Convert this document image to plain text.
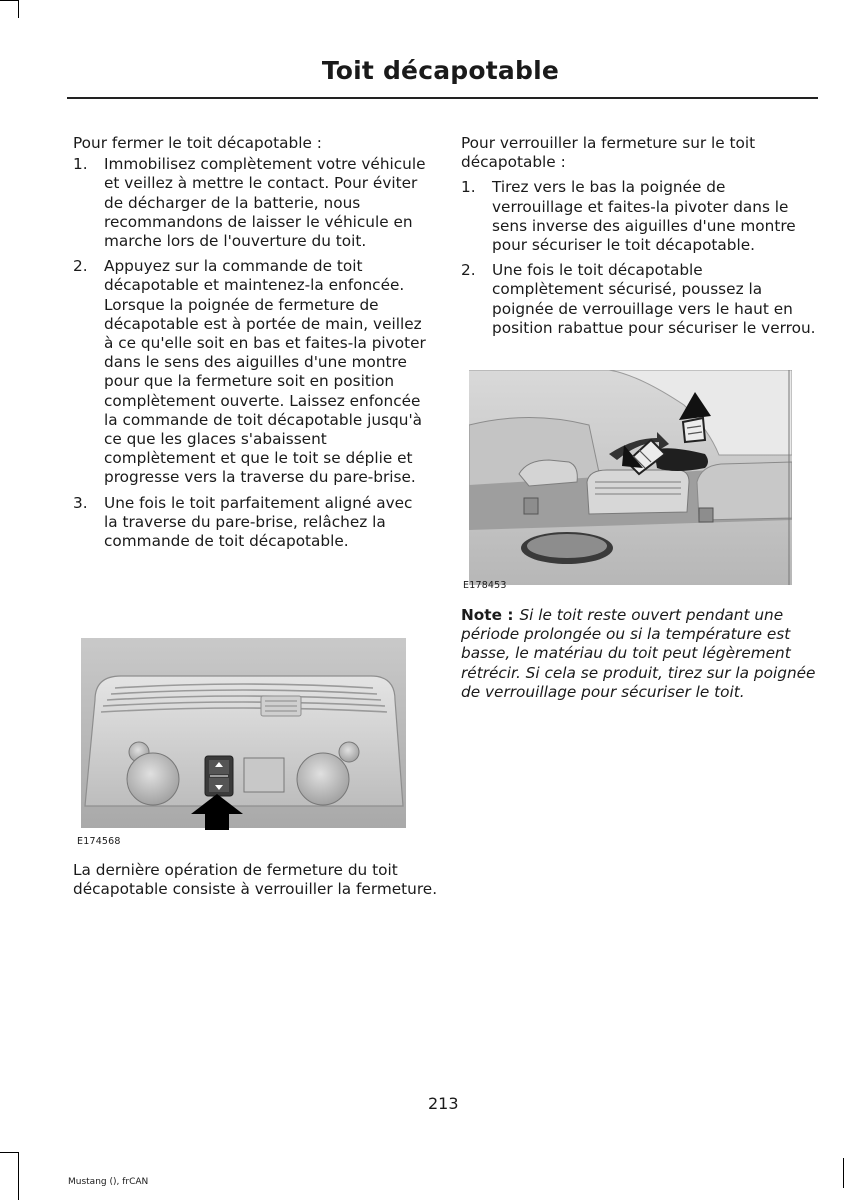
Toit décapotable

Pour fermer le toit décapotable :

1. Immobilisez complètement votre véhicule et veillez à mettre le contact. Pour éviter de décharger de la batterie, nous recommandons de laisser le véhicule en marche lors de l'ouverture du toit.
2. Appuyez sur la commande de toit décapotable et maintenez-la enfoncée. Lorsque la poignée de fermeture de décapotable est à portée de main, veillez à ce qu'elle soit en bas et faites-la pivoter dans le sens des aiguilles d'une montre pour que la fermeture soit en position complètement ouverte. Laissez enfoncée la commande de toit décapotable jusqu'à ce que les glaces s'abaissent complètement et que le toit se déplie et progresse vers la traverse du pare-brise.
3. Une fois le toit parfaitement aligné avec la traverse du pare-brise, relâchez la commande de toit décapotable.
E174568

La dernière opération de fermeture du toit décapotable consiste à verrouiller la fermeture.

Pour verrouiller la fermeture sur le toit décapotable :

1. Tirez vers le bas la poignée de verrouillage et faites-la pivoter dans le sens inverse des aiguilles d'une montre pour sécuriser le toit décapotable.
2. Une fois le toit décapotable complètement sécurisé, poussez la poignée de verrouillage vers le haut en position rabattue pour sécuriser le verrou.
E178453

Note : Si le toit reste ouvert pendant une période prolongée ou si la température est basse, le matériau du toit peut légèrement rétrécir. Si cela se produit, tirez sur la poignée de verrouillage pour sécuriser le toit.

213
Mustang (), frCAN
